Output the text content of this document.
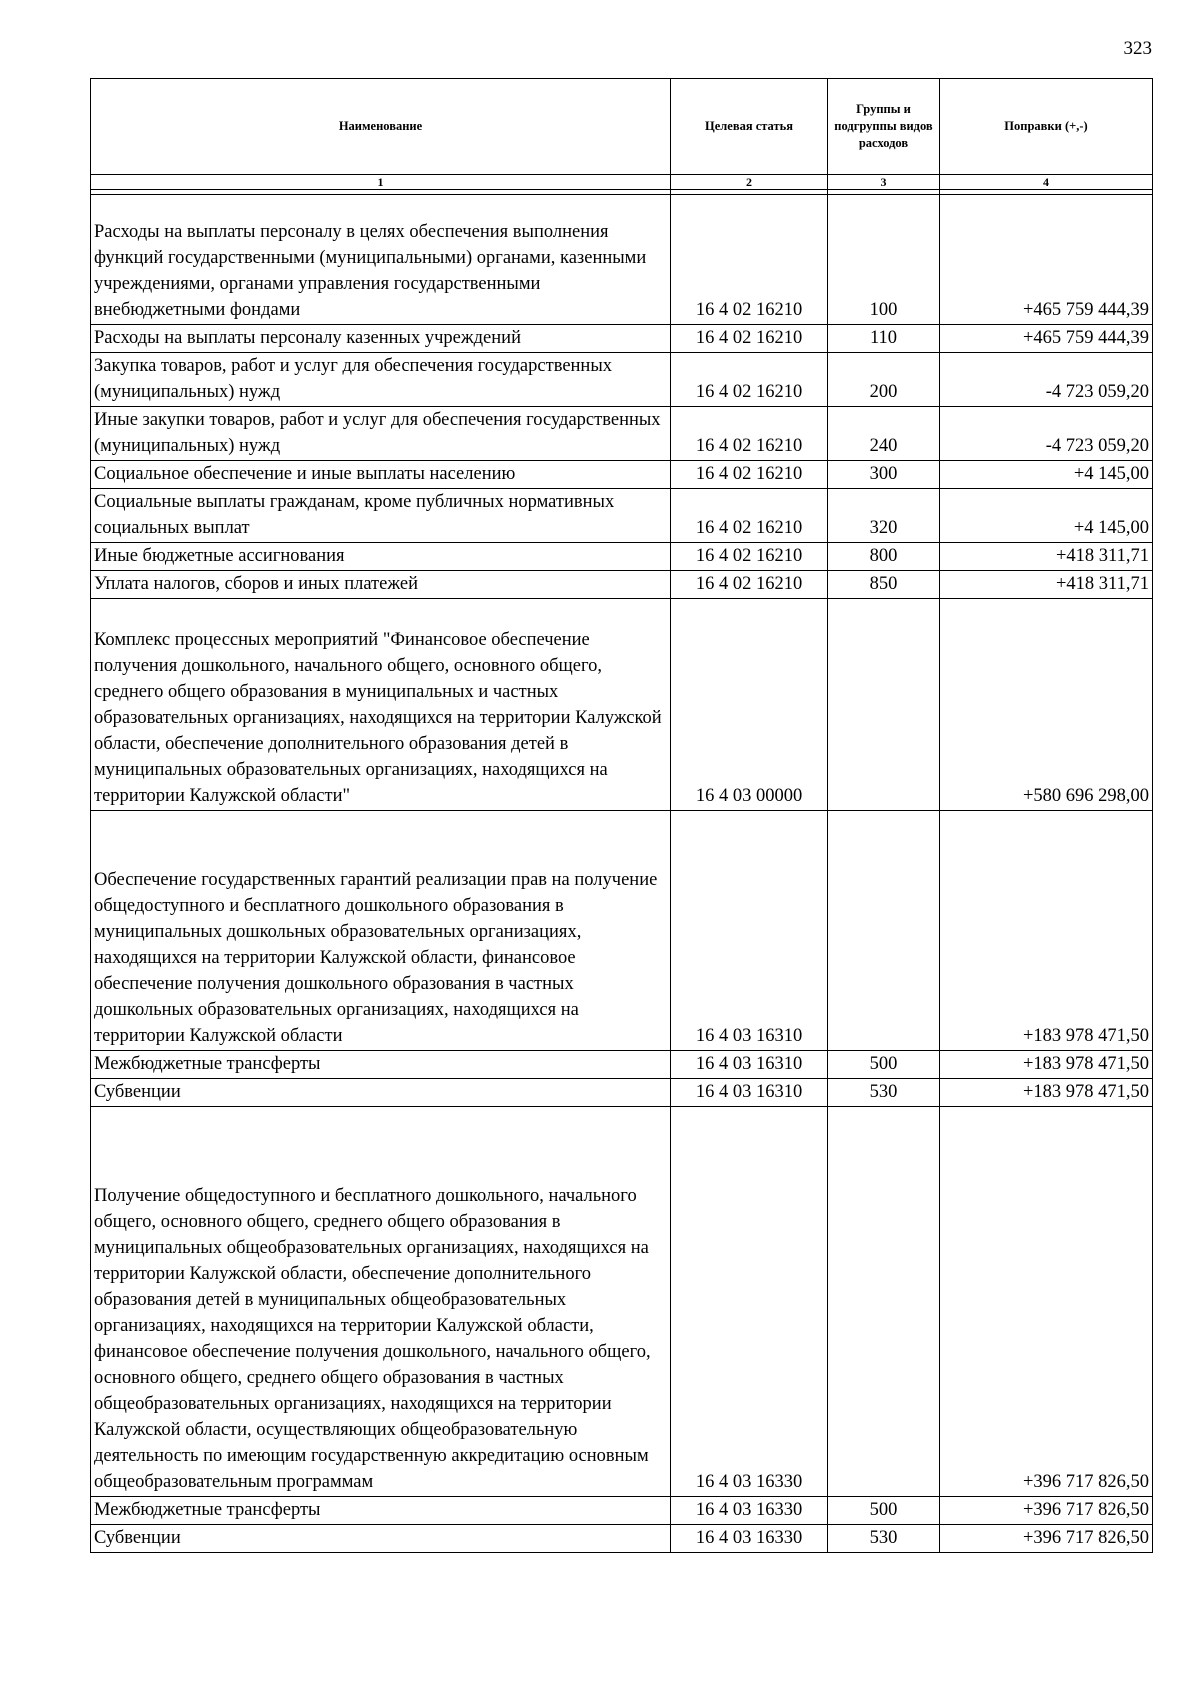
323
Наименование	Целевая статья	Группы и подгруппы видов расходов	Поправки (+,-)
1	2	3	4

Расходы на выплаты персоналу в целях обеспечения выполнения функций государственными (муниципальными) органами, казенными учреждениями, органами управления государственными внебюджетными фондами	16 4 02 16210	100	+465 759 444,39
Расходы на выплаты персоналу казенных учреждений	16 4 02 16210	110	+465 759 444,39
Закупка товаров, работ и услуг для обеспечения государственных (муниципальных) нужд	16 4 02 16210	200	-4 723 059,20
Иные закупки товаров, работ и услуг для обеспечения государственных (муниципальных) нужд	16 4 02 16210	240	-4 723 059,20
Социальное обеспечение и иные выплаты населению	16 4 02 16210	300	+4 145,00
Социальные выплаты гражданам, кроме публичных нормативных социальных выплат	16 4 02 16210	320	+4 145,00
Иные бюджетные ассигнования	16 4 02 16210	800	+418 311,71
Уплата налогов, сборов и иных платежей	16 4 02 16210	850	+418 311,71
Комплекс процессных мероприятий "Финансовое обеспечение получения дошкольного, начального общего, основного общего, среднего общего образования в муниципальных и частных образовательных организациях, находящихся на территории Калужской области, обеспечение дополнительного образования детей в муниципальных образовательных организациях, находящихся на территории Калужской области"	16 4 03 00000		+580 696 298,00
Обеспечение государственных гарантий реализации прав на получение общедоступного и бесплатного дошкольного образования в муниципальных дошкольных образовательных организациях, находящихся на территории Калужской области, финансовое обеспечение получения дошкольного образования в частных дошкольных образовательных организациях, находящихся на территории Калужской области	16 4 03 16310		+183 978 471,50
Межбюджетные трансферты	16 4 03 16310	500	+183 978 471,50
Субвенции	16 4 03 16310	530	+183 978 471,50
Получение общедоступного и бесплатного дошкольного, начального общего, основного общего, среднего общего образования в муниципальных общеобразовательных организациях, находящихся на территории Калужской области, обеспечение дополнительного образования детей в муниципальных общеобразовательных организациях, находящихся на территории Калужской области, финансовое обеспечение получения дошкольного, начального общего, основного общего, среднего общего образования в частных общеобразовательных организациях, находящихся на территории Калужской области, осуществляющих общеобразовательную деятельность по имеющим государственную аккредитацию основным общеобразовательным программам	16 4 03 16330		+396 717 826,50
Межбюджетные трансферты	16 4 03 16330	500	+396 717 826,50
Субвенции	16 4 03 16330	530	+396 717 826,50
